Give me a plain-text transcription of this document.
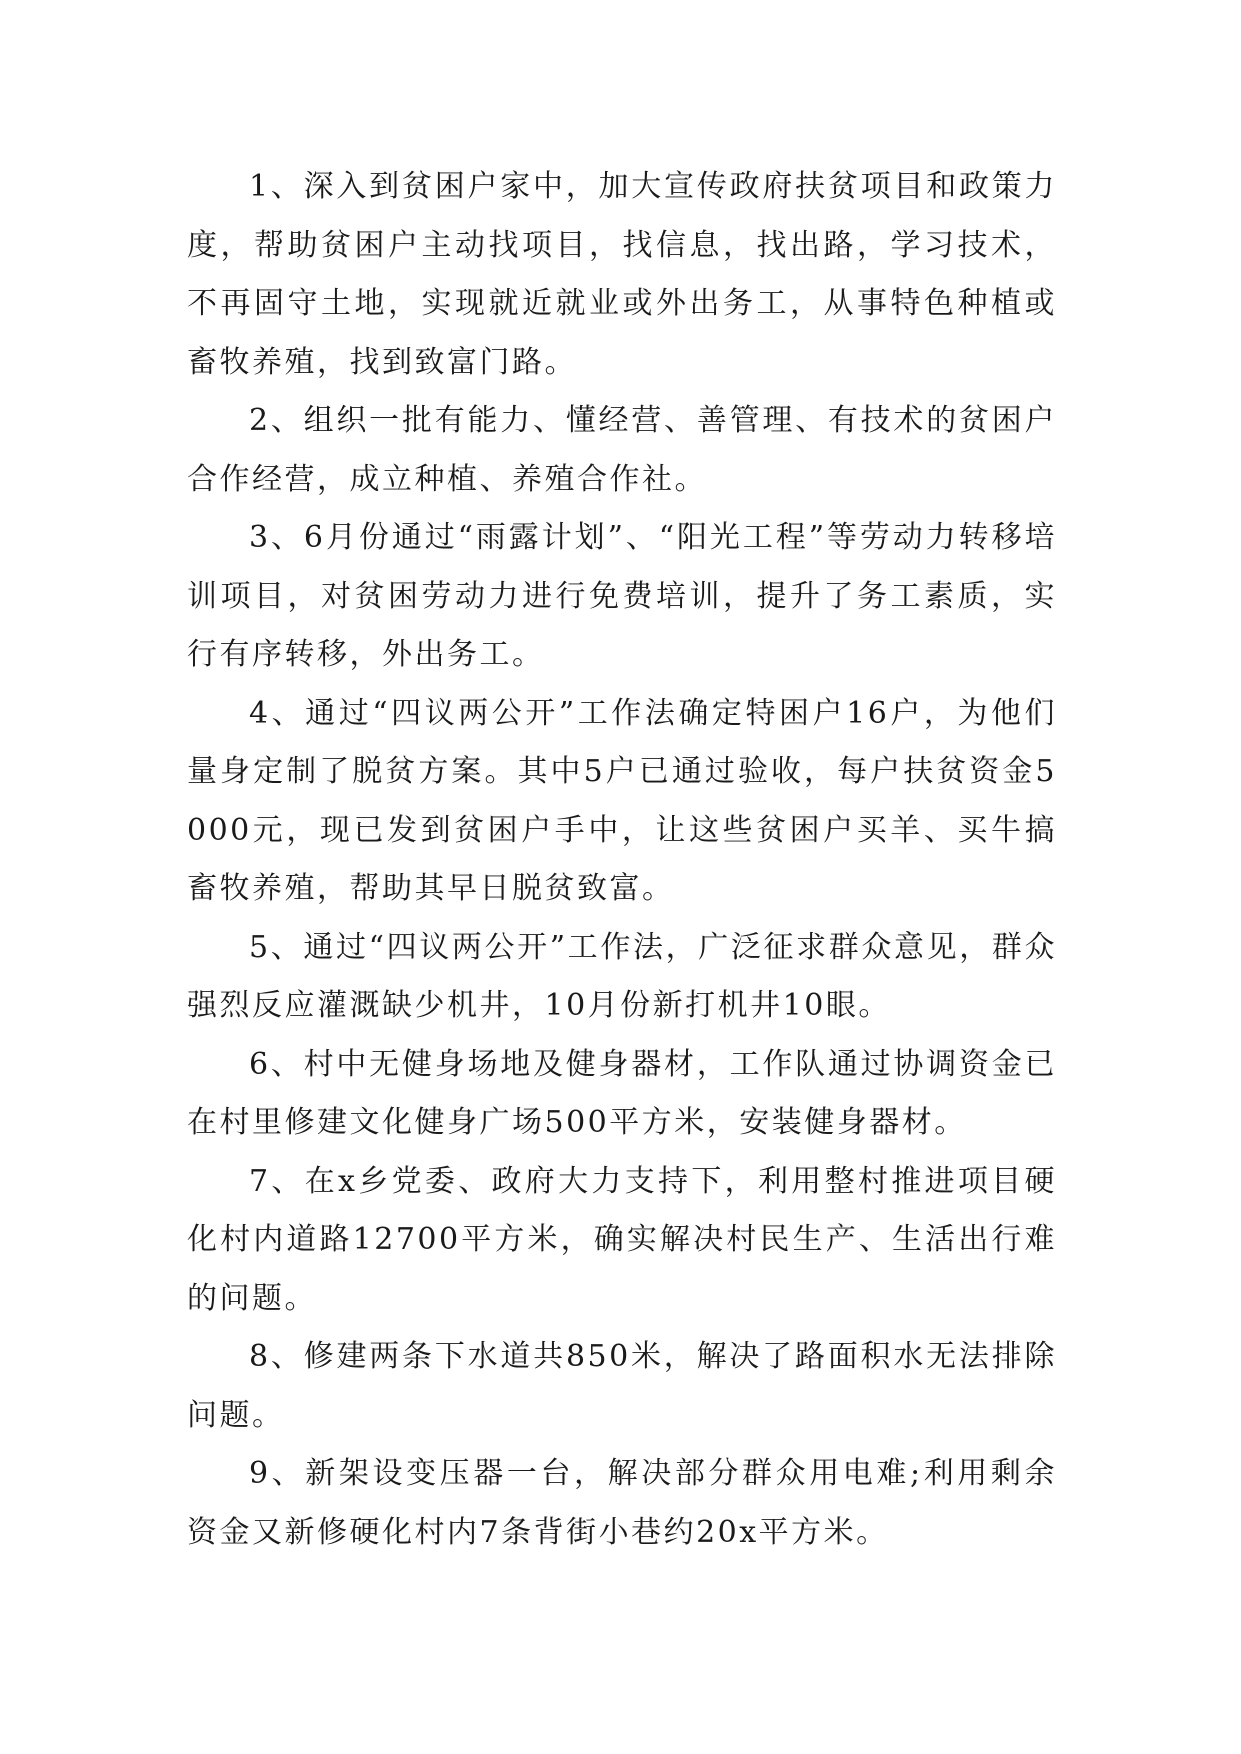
1、深入到贫困户家中，加大宣传政府扶贫项目和政策力度，帮助贫困户主动找项目，找信息，找出路，学习技术，不再固守土地，实现就近就业或外出务工，从事特色种植或畜牧养殖，找到致富门路。

2、组织一批有能力、懂经营、善管理、有技术的贫困户合作经营，成立种植、养殖合作社。

3、6月份通过“雨露计划”、“阳光工程”等劳动力转移培训项目，对贫困劳动力进行免费培训，提升了务工素质，实行有序转移，外出务工。

4、通过“四议两公开”工作法确定特困户16户，为他们量身定制了脱贫方案。其中5户已通过验收，每户扶贫资金5000元，现已发到贫困户手中，让这些贫困户买羊、买牛搞畜牧养殖，帮助其早日脱贫致富。

5、通过“四议两公开”工作法，广泛征求群众意见，群众强烈反应灌溉缺少机井，10月份新打机井10眼。

6、村中无健身场地及健身器材，工作队通过协调资金已在村里修建文化健身广场500平方米，安装健身器材。

7、在x乡党委、政府大力支持下，利用整村推进项目硬化村内道路12700平方米，确实解决村民生产、生活出行难的问题。

8、修建两条下水道共850米，解决了路面积水无法排除问题。

9、新架设变压器一台，解决部分群众用电难;利用剩余资金又新修硬化村内7条背街小巷约20x平方米。
